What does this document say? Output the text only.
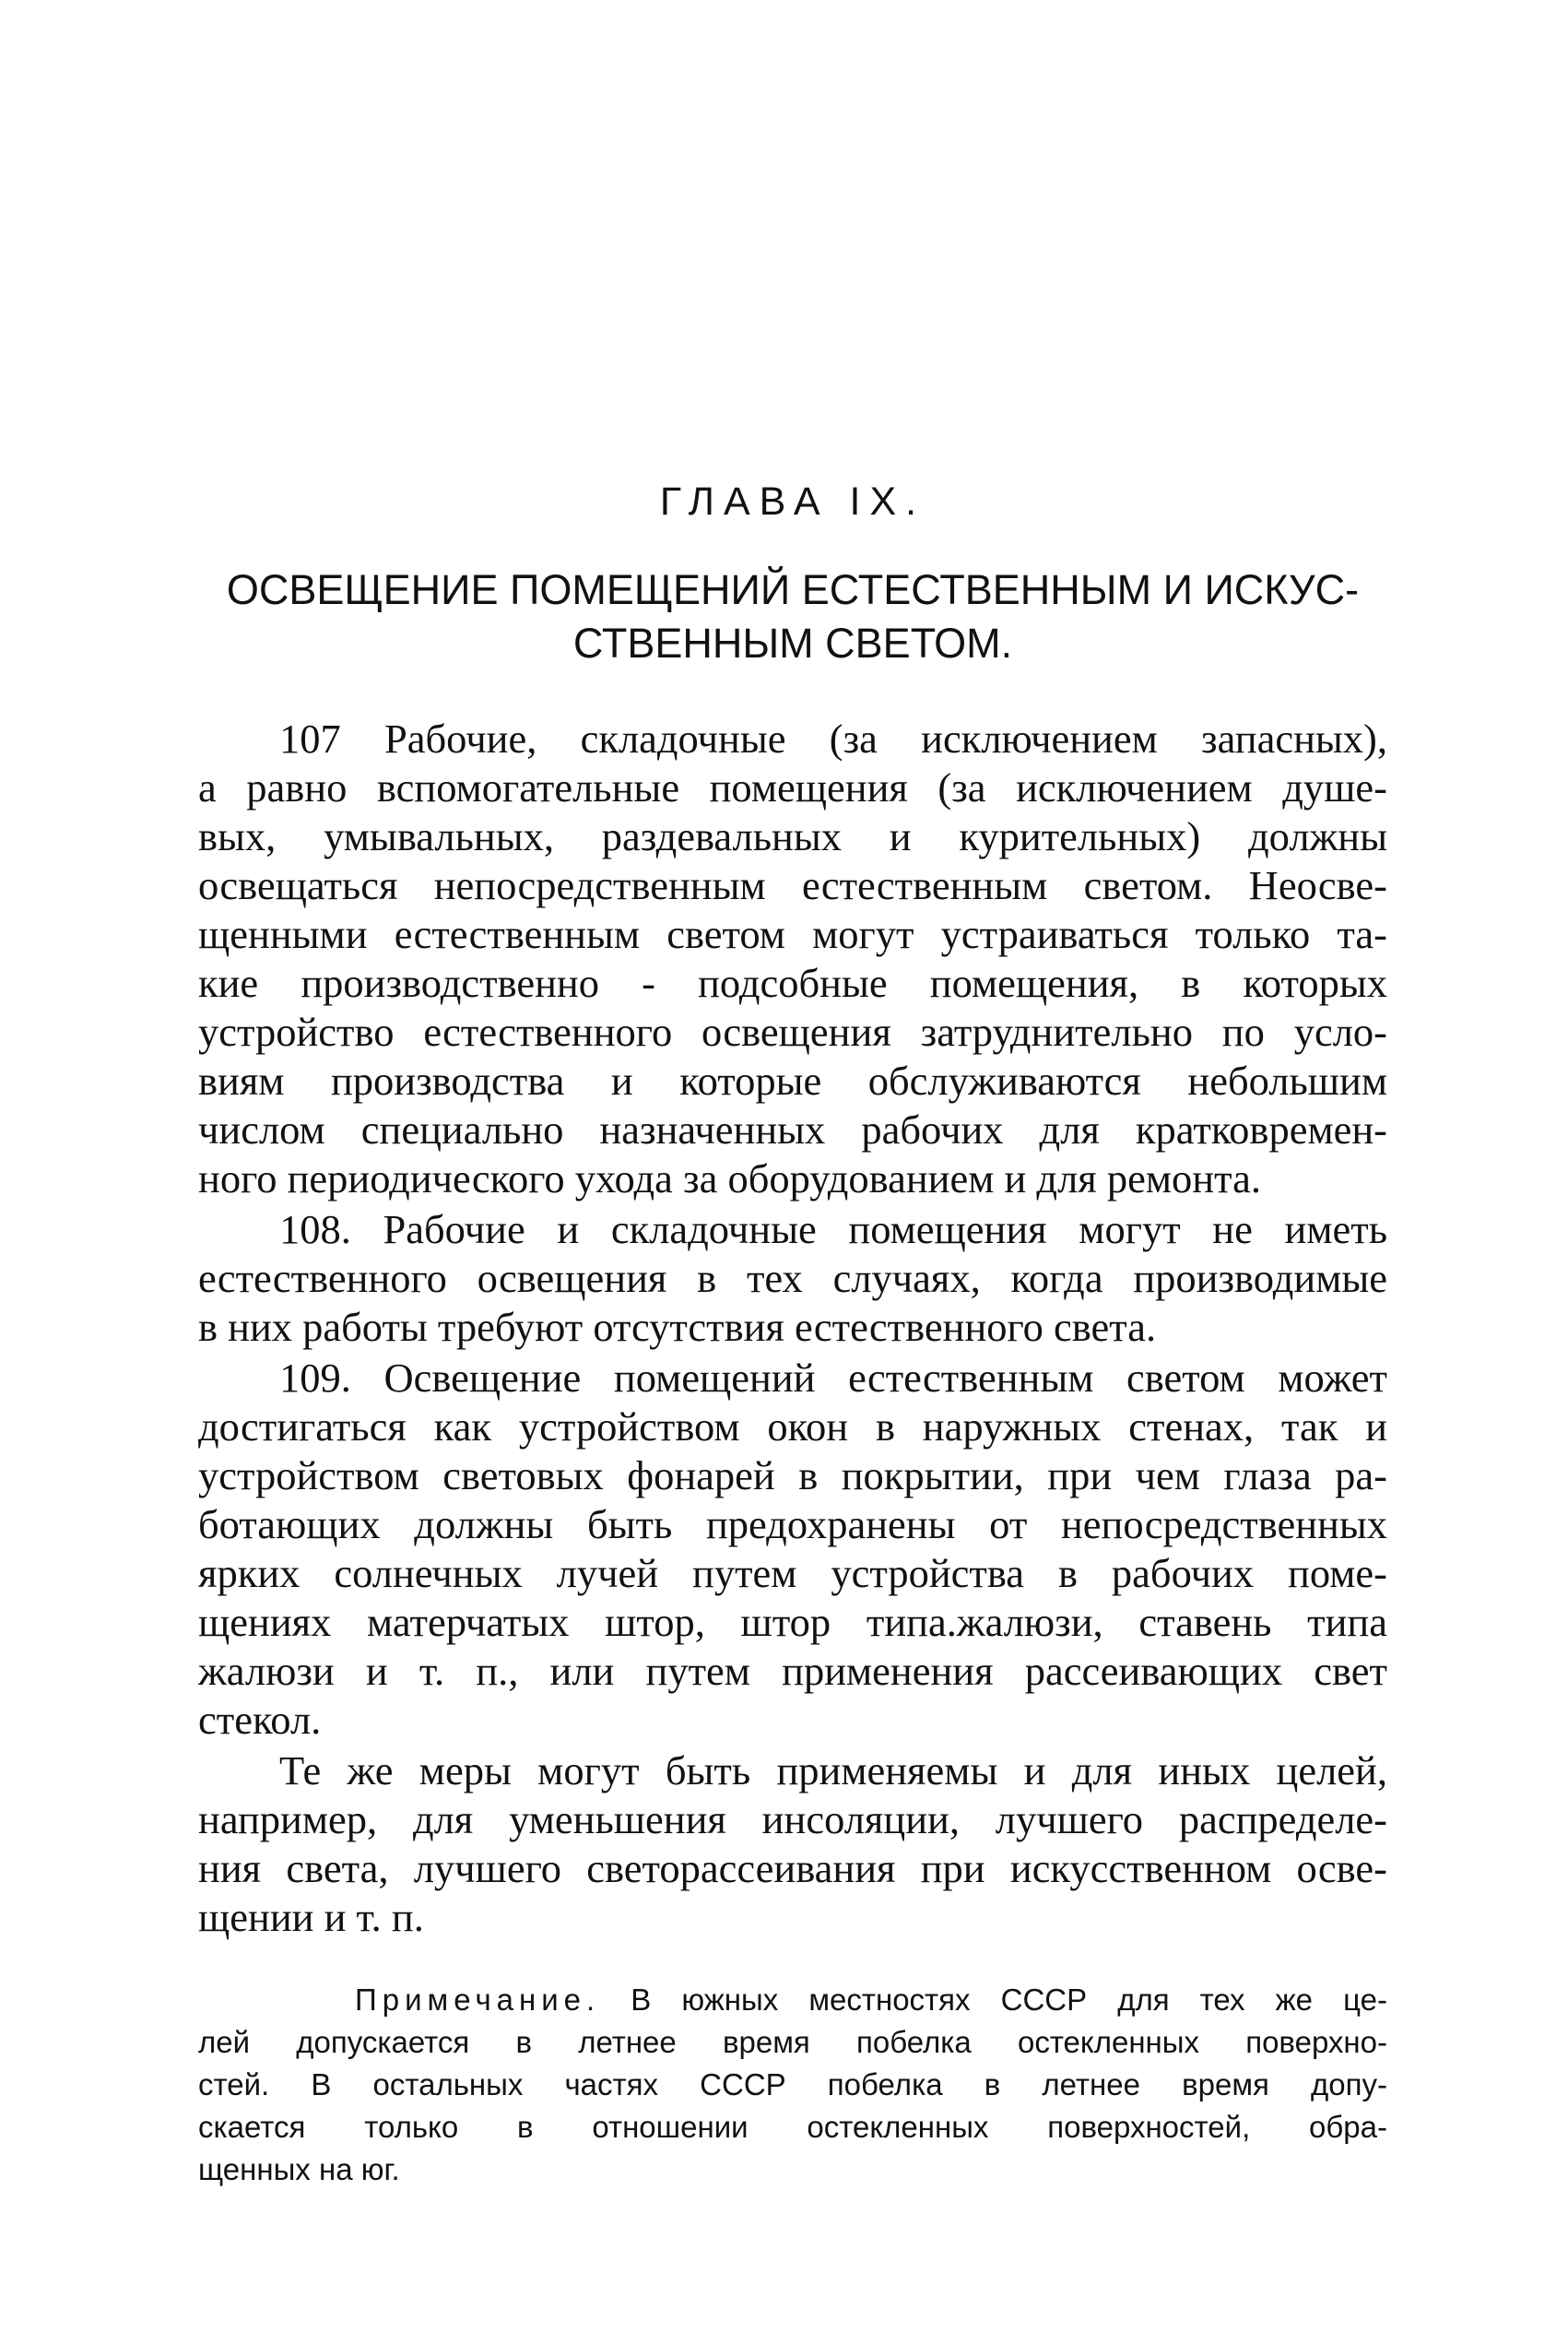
ГЛАВА IX.
ОСВЕЩЕНИЕ ПОМЕЩЕНИЙ ЕСТЕСТВЕННЫМ И ИСКУС-
СТВЕННЫМ СВЕТОМ.

107 Рабочие, складочные (за исключением запасных),
а равно вспомогательные помещения (за исключением душе-
вых, умывальных, раздевальных и курительных) должны
освещаться непосредственным естественным светом. Неосве-
щенными естественным светом могут устраиваться только та-
кие производственно - подсобные помещения, в которых
устройство естественного освещения затруднительно по усло-
виям производства и которые обслуживаются небольшим
числом специально назначенных рабочих для кратковремен-
ного периодического ухода за оборудованием и для ремонта.

108. Рабочие и складочные помещения могут не иметь
естественного освещения в тех случаях, когда производимые
в них работы требуют отсутствия естественного света.

109. Освещение помещений естественным светом может
достигаться как устройством окон в наружных стенах, так и
устройством световых фонарей в покрытии, при чем глаза ра-
ботающих должны быть предохранены от непосредственных
ярких солнечных лучей путем устройства в рабочих поме-
щениях матерчатых штор, штор типа.жалюзи, ставень типа
жалюзи и т. п., или путем применения рассеивающих свет
стекол.

Те же меры могут быть применяемы и для иных целей,
например, для уменьшения инсоляции, лучшего распределе-
ния света, лучшего светорассеивания при искусственном осве-
щении и т. п.

Примечание. В южных местностях СССР для тех же це-
лей допускается в летнее время побелка остекленных поверхно-
стей. В остальных частях СССР побелка в летнее время допу-
скается только в отношении остекленных поверхностей, обра-
щенных на юг.
